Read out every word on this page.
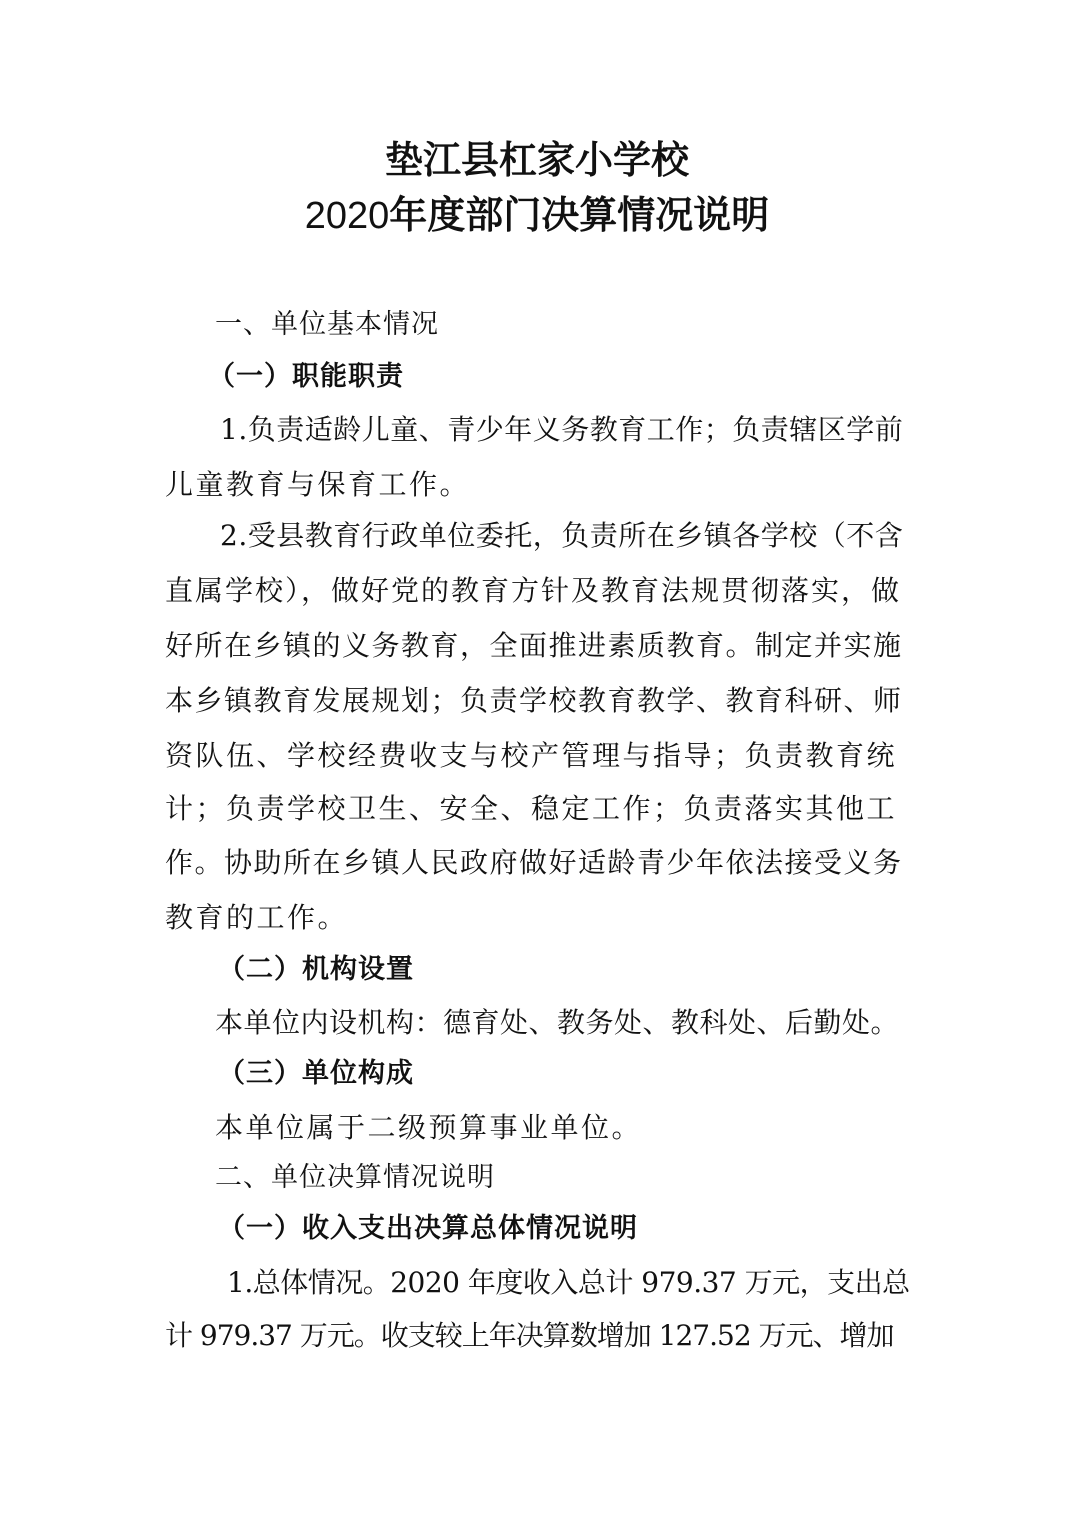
垫江县杠家小学校
2020年度部门决算情况说明
一、单位基本情况
（一）职能职责
1.负责适龄儿童、青少年义务教育工作；负责辖区学前
儿童教育与保育工作。
2.受县教育行政单位委托，负责所在乡镇各学校（不含
直属学校），做好党的教育方针及教育法规贯彻落实，做
好所在乡镇的义务教育，全面推进素质教育。制定并实施
本乡镇教育发展规划；负责学校教育教学、教育科研、师
资队伍、学校经费收支与校产管理与指导；负责教育统
计；负责学校卫生、安全、稳定工作；负责落实其他工
作。协助所在乡镇人民政府做好适龄青少年依法接受义务
教育的工作。
（二）机构设置
本单位内设机构：德育处、教务处、教科处、后勤处。
（三）单位构成
本单位属于二级预算事业单位。
二、单位决算情况说明
（一）收入支出决算总体情况说明
1.总体情况。2020 年度收入总计 979.37 万元，支出总
计 979.37 万元。收支较上年决算数增加 127.52 万元、增加
